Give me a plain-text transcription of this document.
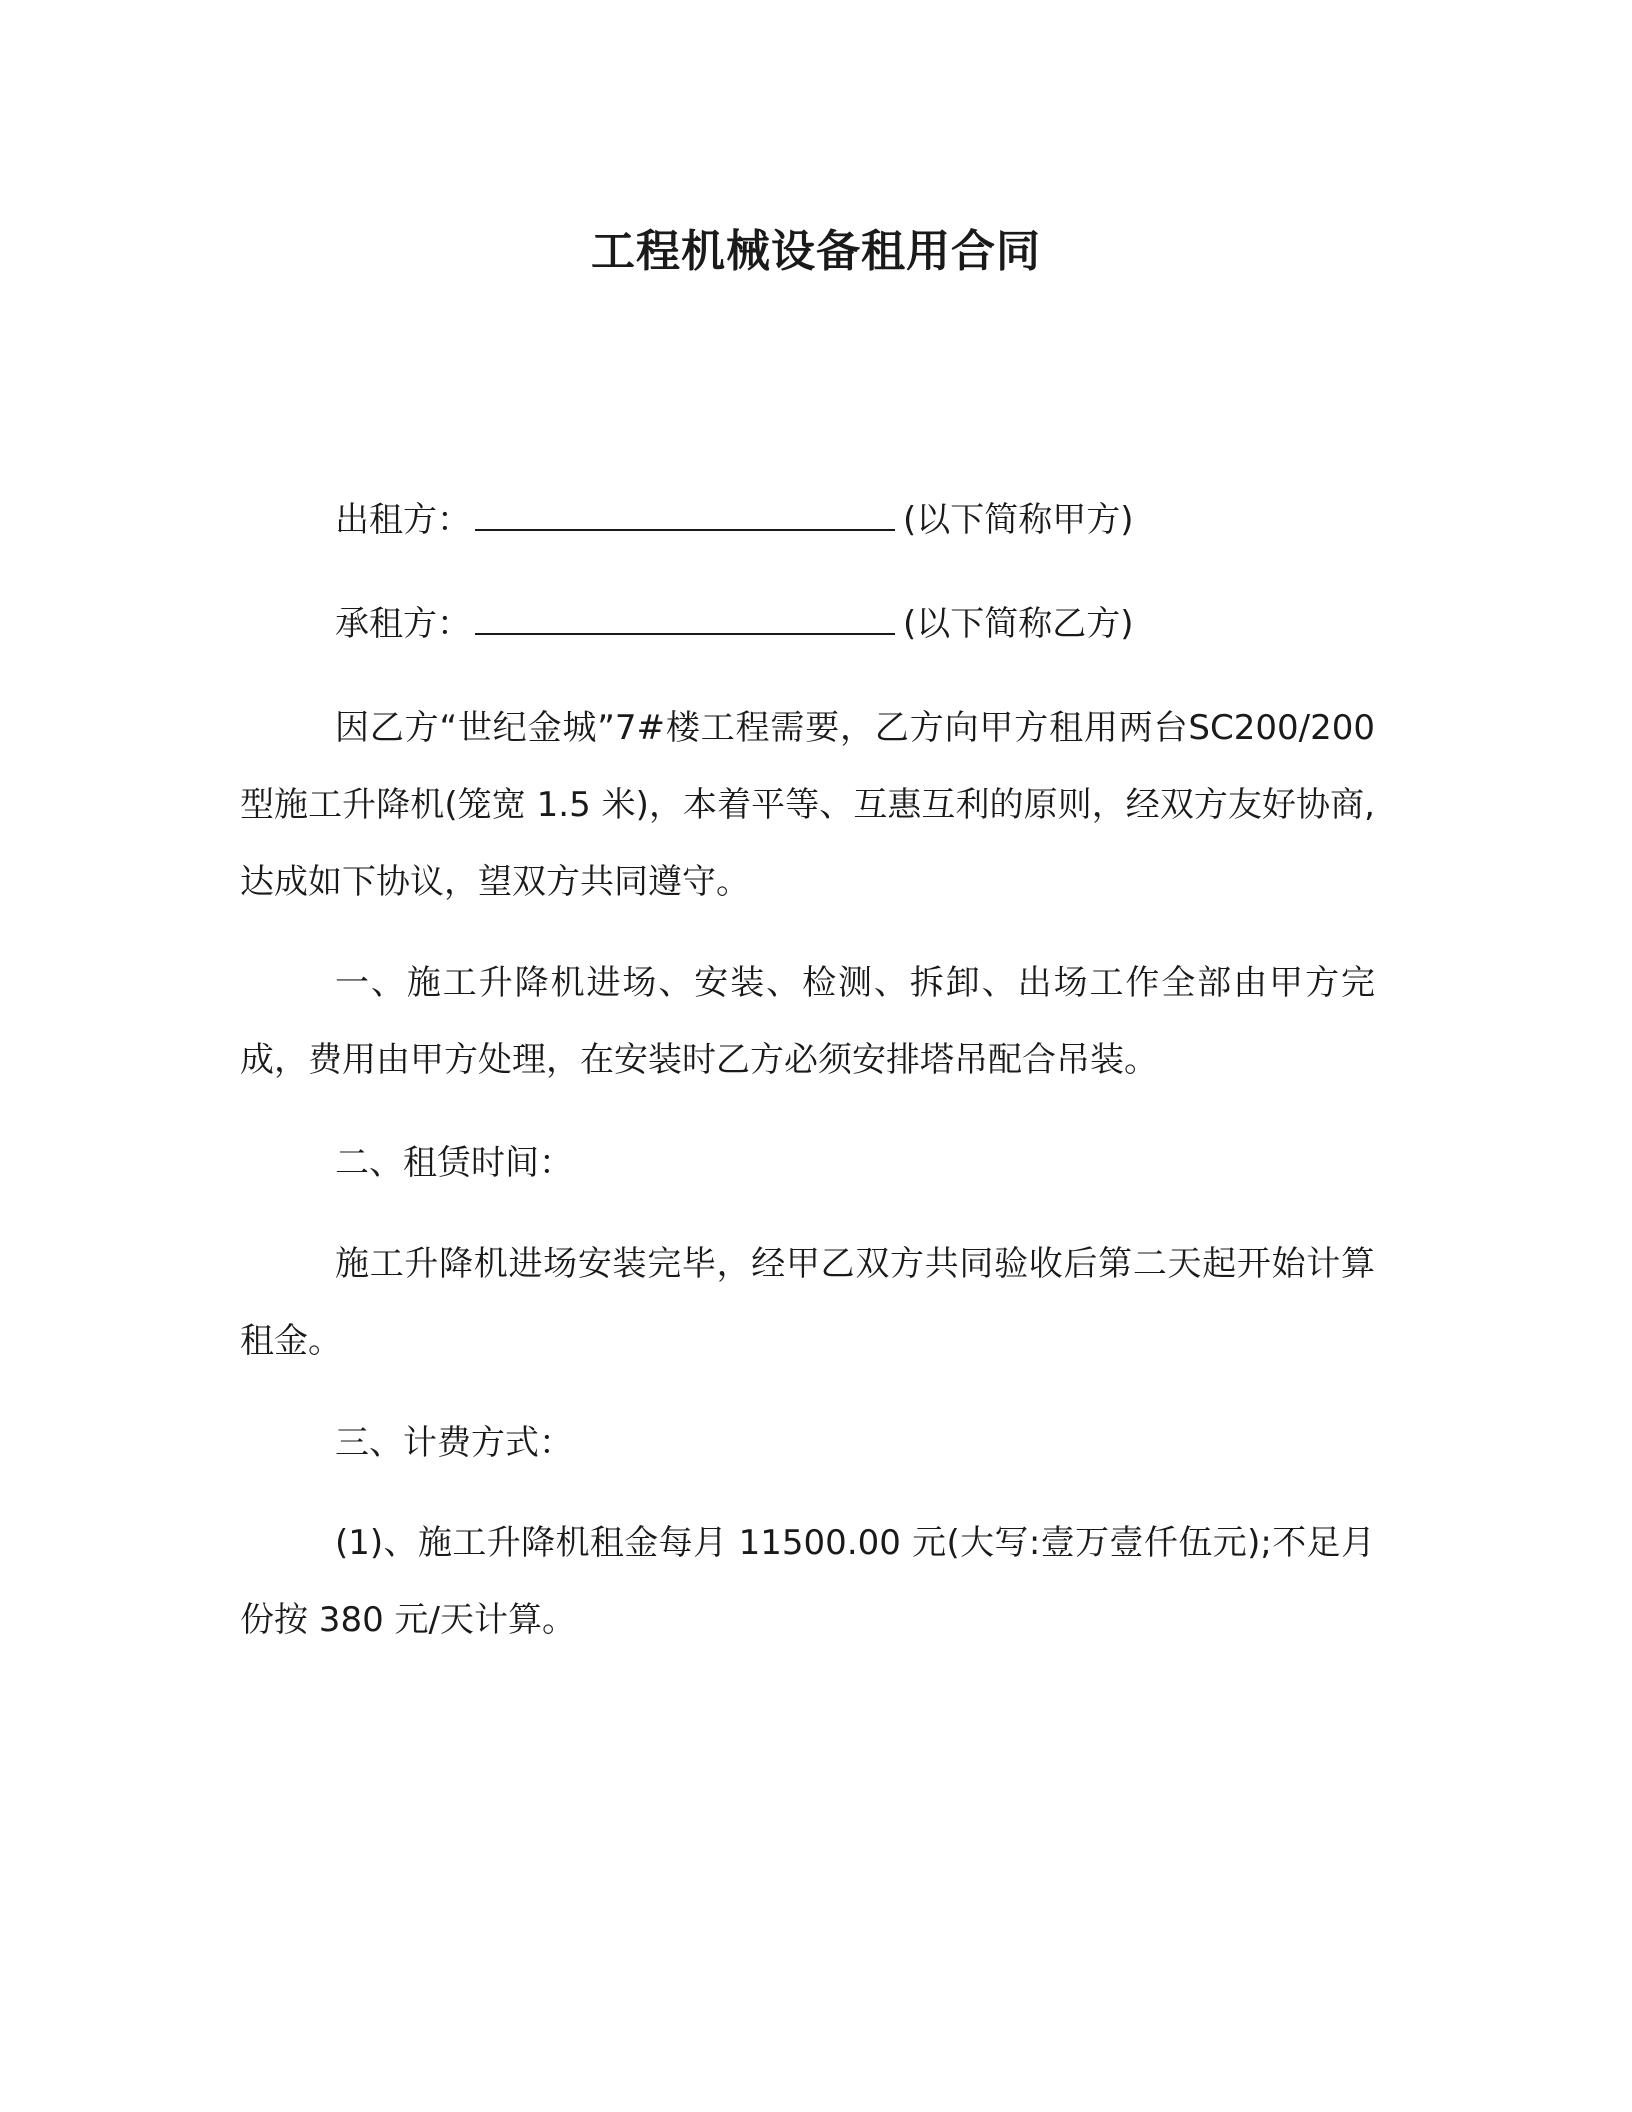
工程机械设备租用合同
出租方：	(以下简称甲方)
承租方：	(以下简称乙方)

因乙方“世纪金城”7#楼工程需要，乙方向甲方租用两台SC200/200 型施工升降机(笼宽 1.5 米)，本着平等、互惠互利的原则，经双方友好协商,达成如下协议，望双方共同遵守。

一、施工升降机进场、安装、检测、拆卸、出场工作全部由甲方完成，费用由甲方处理，在安装时乙方必须安排塔吊配合吊装。

二、租赁时间：

施工升降机进场安装完毕，经甲乙双方共同验收后第二天起开始计算租金。

三、计费方式：

(1)、施工升降机租金每月 11500.00 元(大写:壹万壹仟伍元);不足月份按 380 元/天计算。
